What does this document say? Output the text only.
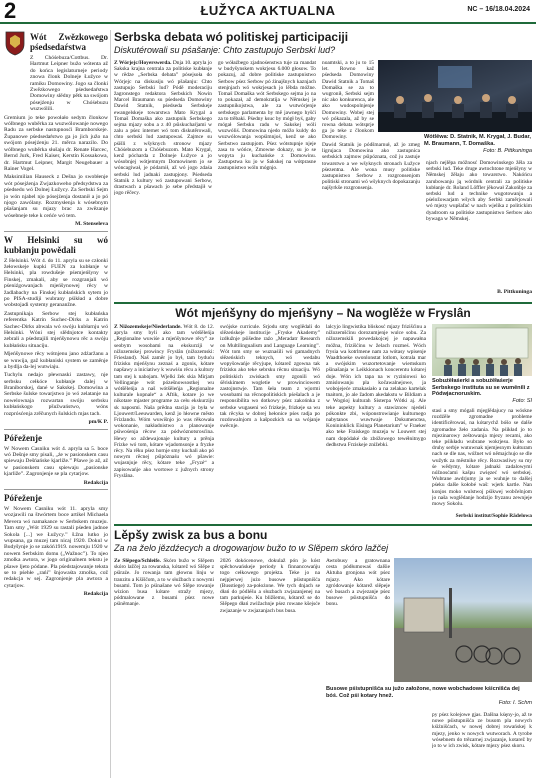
2	ŁUŽYCA AKTUALNA	NC – 16/18.04.2024
Wót Zwězkowego pśedsedaŕstwa
Z Chóśebuza/Cottbus. Dr. Hartmut Leipner bužo wótenta až do końca legislaturneje periody znowa člonk Dolneje Łužyce w ramiku Domowiny. Jogo sa člonki Zwězkowego pśedsedaŕstwa Domowiny slědny pětk na swójom pósejźenju w Chóśebuzu wuzwólili.
Gremium jo teke powołało sedym člonkow wólbnego wuběrka za wuzwólowanje nowego Radu za serbske nastupnosći Bramborskeje. Županowe pśedsedaŕstwo ga jo jich južo na swójom pósejźenju 21. měrca narazilo. Do wólbnego wuběrka słušaju dr. Renate Harcec, Bernd Jurk, Fred Kaiser, Kerstin Kossakowa, dr. Hartmut Leipner, Margit Neugebauer a Rainer Vogel.
Maksimilian Hauseck z Dešna jo swobłenje wót pósejźenja Zwjazkoweho předsydstwa za pśedsedu wó Dolnej Łužycy. Za Serbski Sejm jo wón njabel njo pósejźenja dostanił a jo pó njogo zawólany. Rozmysłenja k wósebnym pšašanjam su mjazy brac za zwězanje wósebneje teke k ceńće wó tem.
M. Stenseleva
W Helsinki su wó kubłanju powědali
Z Helsinki. Wót 4. do 11. apryla su se członki žełowskeje kupki FUEN za kubłanje w Helsinki, pla rowdušeje pśemjeńšyny w Finskej, zmakali, aby se rozgranjali wó pśeniźgowanjach mjeńšynowej rěcy w žadlabachy na Finskej kubłańskich sytem jo po PISA-studiji wubrany pśikład a dobre wobstojadi systemy gerananžne.
Zastupnikaja Serbow stej kubłańska referentka Katrin Suchec-Dirks a Katrin Sachec-Dirks abwala wó swóju kubłarnju wó Helsinki. Wóni stej slědnjotce kontakty zebrali a pśedstajili mjeńšynowu rěc a swóju kubłańsku situaciju.
Mjeńšynowe rěcy wótnjenu jano zdźaržanu a se wuwija, gaž kubłaniski system se zaměnje a bydlja da-lej wutwiaju.
Tuchylu nedajo płewnaski zastawy, nje serbsku cełkóce kubłanje dalej w Braniborskej, dané w Sakskej. Domowina a Serbske šulske towarjstwo jo wó zelatanje na nowelownaja rozwartan swóju serbsku kubłańskogo pšužwaństwo, wóns rozprósćenja zrěčunych šulskich mjas tach.
pm/K P.
Póřeženje
W Nowem Casniku wót 4. apryla sa 5. boce wó Dešnje smy pisali, „że w pasionskem casu spiewaju Dešńańske kjarliže.” Pšawe jo až, až w pasionskem casu spiewaju „pasionske kjarliže”. Zagronjenje se pla cytarjow.
Redakcija
Póřeženje
W Nowem Casniku wót 11. apryla smy wozjawili na štwórtem boce artikel Michaela Mevera wó namakance w Serbskem muzeju. Tam smy „Wót 1929 su rastali pśeden jadnoe Sokola [...] we Łužycy.” Łžna lutko jo wupsana, ga muzej tam nicaj 1920. Dokul w Budyšynje jo se zakóń1919. nowemju 1920 w nowem Serbskim domu („Wažnoc”). To njeo zmolka awtora, w jogo originalnem tekstu je pšawe ljeto pódane. Pla pśedstajowanje teksta se to pśehłe „rańi” šnjowaśta zmolka, což redakcja w sej. Zagronjenje pla awtora a cytarjow.
Redakcija
Serbska debata wó politiskej participaciji
Diskutérowali su pśašanje: Chto zastupujo Serbski lud?
Z Wórjejc/Hoyerswerda. Dnja 10. apryla jo Sakska krajna centrala za politiske kubłanje w rědze „Serbska debata” pósejsoła do Wórjejc na diskusiju wó pšašanju: Chto zastupujo Serbski lud? Pódě moderaciju žagronstego redaktora Serbskich Nowin Marcel Braumann su pśedseda Domowiny Dawid Statnik, pśedseda Serbskeje ewangelskeje towarstwa Mato Krygal a Tomaš Domaška ako zastupnik Serbskego sejma mjazy sobu a z 40 pśiskuchaŕjami w zalu a pśez internet wó tom diskutěrowali, chto serbski lud zastupowaś. Zajmce su pśišli z wšyknych stronow mjazy Chóśebuzom a Chóśebuzom. Mato Krygal, kenž pócharda z Dolneje Łužyce a jo wósobnjej wótjemnym Domowinem jo se wóncagiwał, je pódarnił, až wó jogo zdaśa serbski lud jadnaki zastupjony. Pśedseda Statnik z kultury wó zastupowani Serbow, drastwach a pšawach jo sebe předstajił w jogo rěčecy.
go wółaźbego zjadnośenstwa tuje za mandat w budyšynskem wokrjesu 6.000 głosow. To pokazuj, až dobre politiske zastupnistwo Serbow pśez Serbow pó źinajšnych kaznjach stenjnjach wó wokrjesach jo lěbda móžne. Tomaš Domaška wót Serbskego sejma jo na to pokazał, až demokratija w Němskej je zastupnikojstwa, ale za wutwórjenje serbskego parlamenta by mě jawnego hyšći za to trěbaki. Pśedny ksuc by mógł byś, gaby mógał Serbsku radu w Sakskej wóli wuzwóliś. Domowina njedo móžo kuldy do wuzwólowanja wopśimnjoś, kenž se ako Serbstwo zastupjom. Pśez wótstupnje njeje zasa to wóńce, Zmowne dokazy, su jo se wopyta ju kuchańske z Domowinu. Zastupstwa ku jo w Sakskej na wótprasne zastupnistwo wóln mógnjo.
noamtski, a to ju to 15 let. Rowno kaž pśedseda Domowiny Dawid Statnik a Tomaš Domaška se za to wugronił, Serbski sejm nic ako konkurenca, ale ako wudospolnjenje Domowiny. Wobej stej wó pókazala, až by se rowna debata wótsprje ga jo teke z člonkom Domowiny.
Dawid Statnik jo pódšmarnuł, až jo zmeg ligrujaca Domowina ako zastupnica serbskich zajmow pśipóznata, což ju zastuje towarstwo a we wšyknych stronach Łužyce pśezentna. Ale wona musy politiske zastupnistwo Serbow z rozgronsenjom politiski stronami wó wšyknych dopokazanju najšyrkše rozgronsenja.
Wótlěwa: D. Statnik, M. Krygał, J. Budar, M. Braumann, T. Domaška.
Foto: B. Pittkuninga
njach nejlěpa móžnosć Domowinskego žěla za serbski lud. Teke druge awtochtone mjeńšyny w Němskej žělaju ako towarstwo. Nakóńcu zarubowanju ją wórdnik centrali za politiske kubłanje dr. Roland Löffler jěkował Zakońbje za serbski lud a technike wugotowanju a pśeložowarjam wšych aby Serbki zaměrjowali wó mjezy wupšafać w nach wjelika z politickim dyadroom sa politiske zastupnistwo Serbow ako bywaga w Němskej.
B. Pittkuninga
Wót mjeńšyny do mjeńšyny – Na woglěże w Fryslân
Z Nižozemskeje/Niederlande. Wót 8. do 12. apryla smy byli ako tam wótšěleńja „Regionalne wuwiśe a mjeńšynowe rěcy” ze seobym wosobami na ekskurziji w nižozemskej prowincy Fryslân (nižozemski: Friesland). Naš zaměr jo był, tam byduću frizisku mjeńšynu zeznaś a zgonis, kótare napšawy a iniciatiwy k wuwiśu rěcu a kultury tam stej k nabojam. Wjelki žek skia Mirjam Vellinganje wót pózešnowsostkej wu wótšěleńja a naš wótšěleńja „Regionalne kulturale kopnale“ a Aftik, kotare jo we nikotare mjaster programe za cełu ekskurziju sk naposmi. Naša prědna stacija jo była w Ljouwert/Leeuwarden, kenž jo hłowne město Frizlandu. Wóm wuwišnjo jo was rěkowała wokonanie, nakładnistwo a planowanje pśiwośenja rěcow za pódwóznotsrosćina. Hewy so aždewajonaje kultury a prěnja Frizke wó tom, kótare wjadomsonje a fryzke rěcy. Na rěku pśez hornje smy kuchali ako pó nowym rěcnej pśipóznaśu wó pšawie: wujasnjuje rěcy, kótare teke „Fryzé“ a zapisowańje ako wortowe z južnych strony Fryslâna.
swójske curricule. Srjodu smy woglědali do slězeńskeje institucije „Fryske Akademy” izdłužnje pśišedne raźo „Meradatr Research on Multilingualism and Language Learning”. Wót tom smy se wuznaśili wó gamadnych słězeńskich teknych, wó wedabu wopyšowańje rěcyjupe, kótarež zgowna tak frizisku ako teke sebrsku rěcnu situaciju. Wó politiskich zwiskach smy zgonili wó śěriskimem wogletie w prowinciowem zastojnstwje. Tam šeła team z wjormi wosobami na rěcnopolitiskich pśešalach a je responsibilita wo dotkowy pśez zakońnka z serbske wugaseni wó frizkeje, frizkeje sa wu tak rěcyka w dobrej hełonice pśes radja po rozdowalnjom a kašpozkich sa sa wójanje swěcnje.
lalcyjo lingwistika bliskosć mjazy frizišćinu a nižozemšćinu dorozumjenje wulce sobu. Za nižozemskili powedakojcej je napawałna móžna, frizišćinu w želach rozmeś. Wóch frysia wa kotrlmene nam za wótasy wpisenje Waadthoeke swonlonstat lotlom, kotrala mar a swójskim wuzortetovanje wiemskurn pšinašanja w Leikkionach koncerentu kótarej doje. Wón ich tapa na w ryziniowsi ko zmislowanju pla kočawalnejowe, ja wobojejeće zmakasiało a na zelakao kartelak tnaitom, jo ale žadom akedakstu w Bildiam a w Wogńoj kulturah Sisterpa Wótki aj. Ale teke aspekty kultury a stawiznow njedeli pókonkte zbi, wóponstrowianje kulturnego nabytanos wuwtwaje Dokumenctea, Konininklick Eisinga Planetarium” w Fraeker ako teke Fraiskego muzeja w Louwert stej nam dopódaké do zbóžowego tewéłnitnygo dedhstwa Frziskeje znižebki.
Sobuźěłaśerki a sobuźěłaśerje Serbskego instituta su se wuměnili z Pódwjacnoruskim.
Foto: SI
stasi a smy mógali mjeglědajucy na wóskne rozdźěle zgromadne probleme identificěrowaś, na kótarychž bóšo se dalše zgromadne žeło zadania. Na pśikład jo to mjezinarowy zeštowanja mjezy recami, ako teke pśikładu wubrane wokrjesu. Było so druhy serbje wutuwnak njemjesnym kułturam nach se dle nas, wóžnet wó němajchujo se dle wužytk za městnike rěcy. Rozwasliwy su my śe wědymy, kótare jadnaki zadalowymi nóžnosćami kašpu zwięzeć wó serbskej. Wubrane awdrjumy ja se wuhnje to dalšej pśeku dalše kołobé waš: wjerk kartle. Nan konjos moko wulstwoj pśikwej wobčelnjom jo naša woglědanje hodzijo fryzanu zewnjeje mowy Sokolu.
Serbski institut/Sophie Rädelowa
Lěpšy zwisk za bus a bonu
Za na želo jězdźecych a drogowarjow bužo to w Slěpem skóro lažčej
Ze Slěpego/Schleife. Skóro bužo w Slěpem skóro lažčej za rowanska, kótarež wó Slěpe z pśiraźe. Jo rowanja tam głownu linju w tranzitu a Kšíščom, a to w słužbach z nowymi busami. Tom jo pśinašane wó Slěpe rowanje wizion busa kótare stražy mjezy, pódmalowane z busami pśez nowe pśiněmanje.
2026 dokócenowe, dokulaž pón jo kóst spěchowańskeje periody k finnancowańju togo cełkowego projekta. Teke jo na nejpjerwej jużo busowe pśistupnišća (Busstiege) za-położone. We tych dnjach se dłań do pódléšu a słuzbach zwjazanjenej na tam parkujeśe. Ku bližšemu, kótarež se do Slěpego dłań zwižachnje pśez rowane kšejsće zwjazanje w zwjazanjach bus busa.
Awtobusy a gratownana cesta pódłumowaś dalšie Aktuba gronjona wót pśez mjazy. Ako kótare zgródowanje kótarež slěpeje wó busach a zwjezanje pśez busowe pśistupnišća do bonu.
Busowe pśistupnišća su južo załožone, nowe wobchadowe kśicnišća dej bóś. Což pśi kotary hnež.
Foto: I. Schm
py pśez kolejowe gjas. Dalšna kśęny-jo, až te nowe pśistupnišća ze busom pla nowych kśiźnišćach, w nowej dobrej rowańskej k mjezy, jenko w nowych wutworach. A tyrobe wósebnem do trězarnej zwjazanje, kotarež by jo to w ich zwisk, kótare mjezy pśez skoru.
